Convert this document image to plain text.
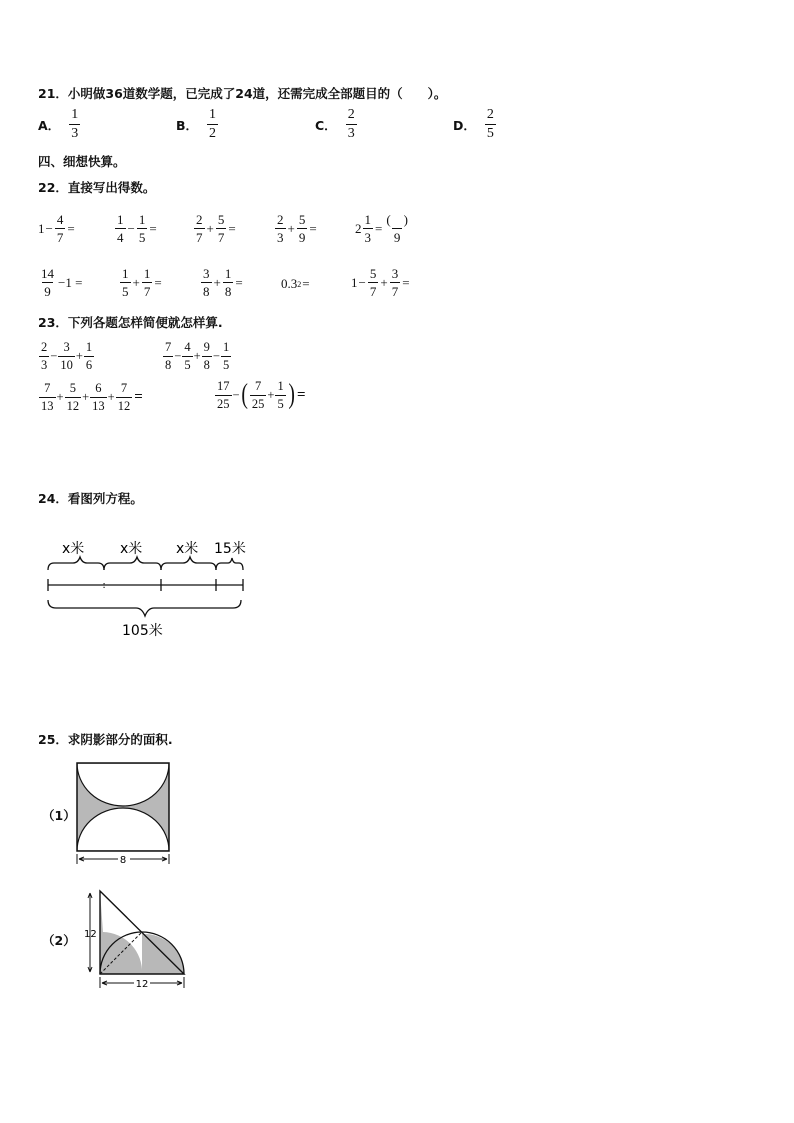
21．小明做36道数学题，已完成了24道，还需完成全部题目的（　　）。
A． $\frac{1}{3}$	B． $\frac{1}{2}$	C． $\frac{2}{3}$	D． $\frac{2}{5}$
四、细想快算。
22．直接写出得数。
$1 - \frac{4}{7}$ =	$\frac{1}{4} - \frac{1}{5}$ =	$\frac{2}{7} + \frac{5}{7}$ =	$\frac{2}{3} + \frac{5}{9}$ =	$2 \frac{1}{3} = \frac{( )}{9}$
$\frac{14}{9} -1$ =	$\frac{1}{5} + \frac{1}{7}$ =	$\frac{3}{8} + \frac{1}{8}$ =	0.3 2 =	$1 - \frac{5}{7} + \frac{3}{7}$ =
23．下列各题怎样简便就怎样算.
$\frac{2}{3} - \frac{3}{10} + \frac{1}{6}$	$\frac{7}{8} - \frac{4}{5} + \frac{9}{8} - \frac{1}{5}$
$\frac{7}{13} + \frac{5}{12} + \frac{6}{13} + \frac{7}{12}$ =	$\frac{17}{25}$ − ( $\frac{7}{25} + \frac{1}{5}$ ) =
24．看图列方程。
x米	x米 x米 15米
:
105米
25．求阴影部分的面积.
（1）
8
（2） 12
12
